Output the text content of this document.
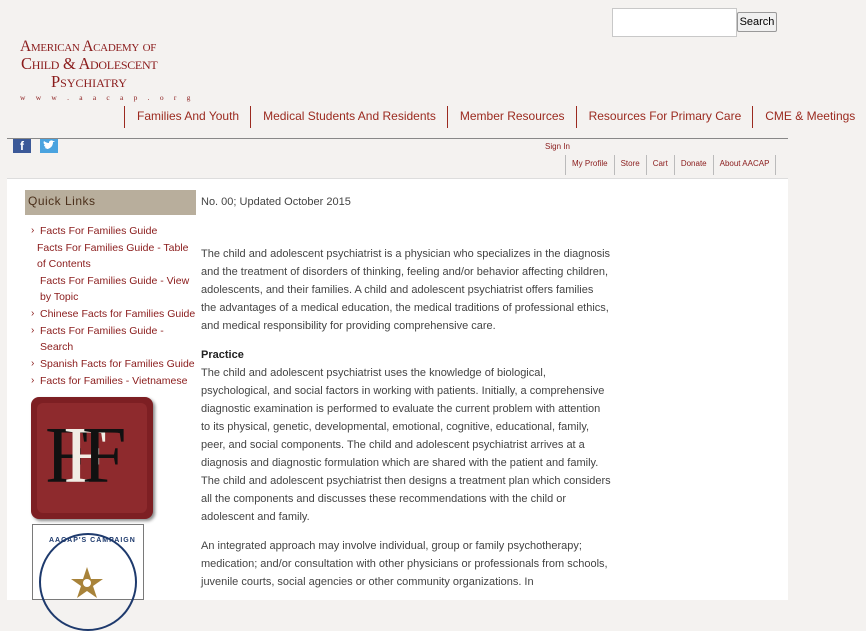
American Academy of
Child & Adolescent
Psychiatry
w w w . a a c a p . o r g
Search
Families And Youth	Medical Students And Residents	Member Resources	Resources For Primary Care	CME & Meetings
f	Sign In
My Profile	Store	Cart	Donate	About AACAP
Quick Links
› Facts For Families Guide
Facts For Families Guide - Table of Contents
Facts For Families Guide - View by Topic
› Chinese Facts for Families Guide
› Facts For Families Guide - Search
› Spanish Facts for Families Guide
› Facts for Families - Vietnamese
FFF
AACAP'S CAMPAIGN
No. 00; Updated October 2015

The child and adolescent psychiatrist is a physician who specializes in the diagnosis and the treatment of disorders of thinking, feeling and/or behavior affecting children, adolescents, and their families. A child and adolescent psychiatrist offers families the advantages of a medical education, the medical traditions of professional ethics, and medical responsibility for providing comprehensive care.

Practice

The child and adolescent psychiatrist uses the knowledge of biological, psychological, and social factors in working with patients. Initially, a comprehensive diagnostic examination is performed to evaluate the current problem with attention to its physical, genetic, developmental, emotional, cognitive, educational, family, peer, and social components. The child and adolescent psychiatrist arrives at a diagnosis and diagnostic formulation which are shared with the patient and family. The child and adolescent psychiatrist then designs a treatment plan which considers all the components and discusses these recommendations with the child or adolescent and family.

An integrated approach may involve individual, group or family psychotherapy; medication; and/or consultation with other physicians or professionals from schools, juvenile courts, social agencies or other community organizations. In
